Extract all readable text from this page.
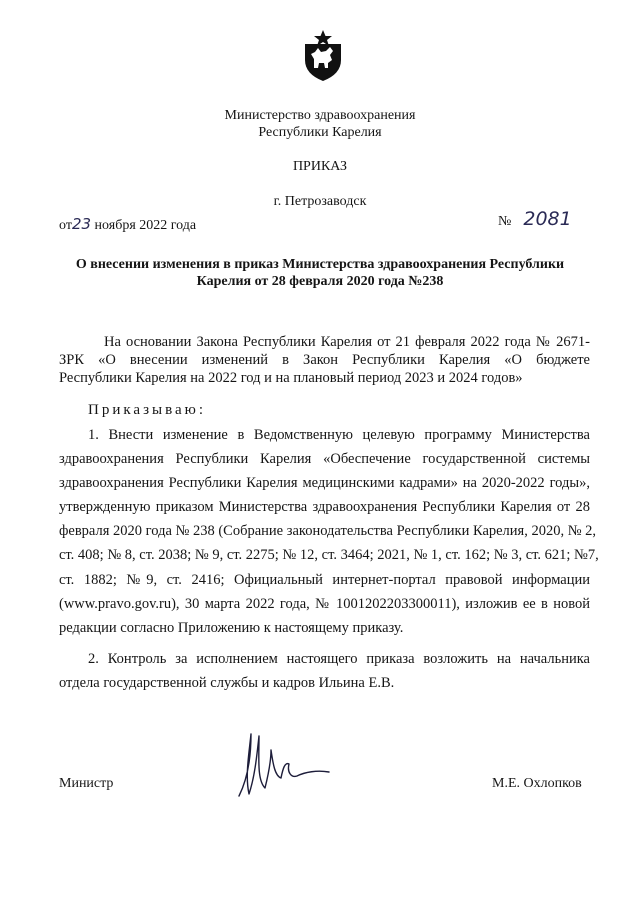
Министерство здравоохранения
Республики Карелия
ПРИКАЗ
г. Петрозаводск
от23 ноября 2022 года	№ 2081
О внесении изменения в приказ Министерства здравоохранения Республики
Карелия от 28 февраля 2020 года №238
На основании Закона Республики Карелия от 21 февраля 2022 года № 2671-
ЗРК «О внесении изменений в Закон Республики Карелия «О бюджете
Республики Карелия на 2022 год и на плановый период 2023 и 2024 годов»
Приказываю:
1. Внести изменение в Ведомственную целевую программу Министерства
здравоохранения Республики Карелия «Обеспечение государственной системы
здравоохранения Республики Карелия медицинскими кадрами» на 2020-2022 годы»,
утвержденную приказом Министерства здравоохранения Республики Карелия от 28
февраля 2020 года № 238 (Собрание законодательства Республики Карелия, 2020, № 2,
ст. 408; № 8, ст. 2038; № 9, ст. 2275; № 12, ст. 3464; 2021, № 1, ст. 162; № 3, ст. 621; №7,
ст. 1882; №9, ст. 2416; Официальный интернет-портал правовой информации
(www.pravo.gov.ru), 30 марта 2022 года, № 1001202203300011), изложив ее в новой
редакции согласно Приложению к настоящему приказу.
2. Контроль за исполнением настоящего приказа возложить на начальника
отдела государственной службы и кадров Ильина Е.В.
Министр	М.Е. Охлопков
